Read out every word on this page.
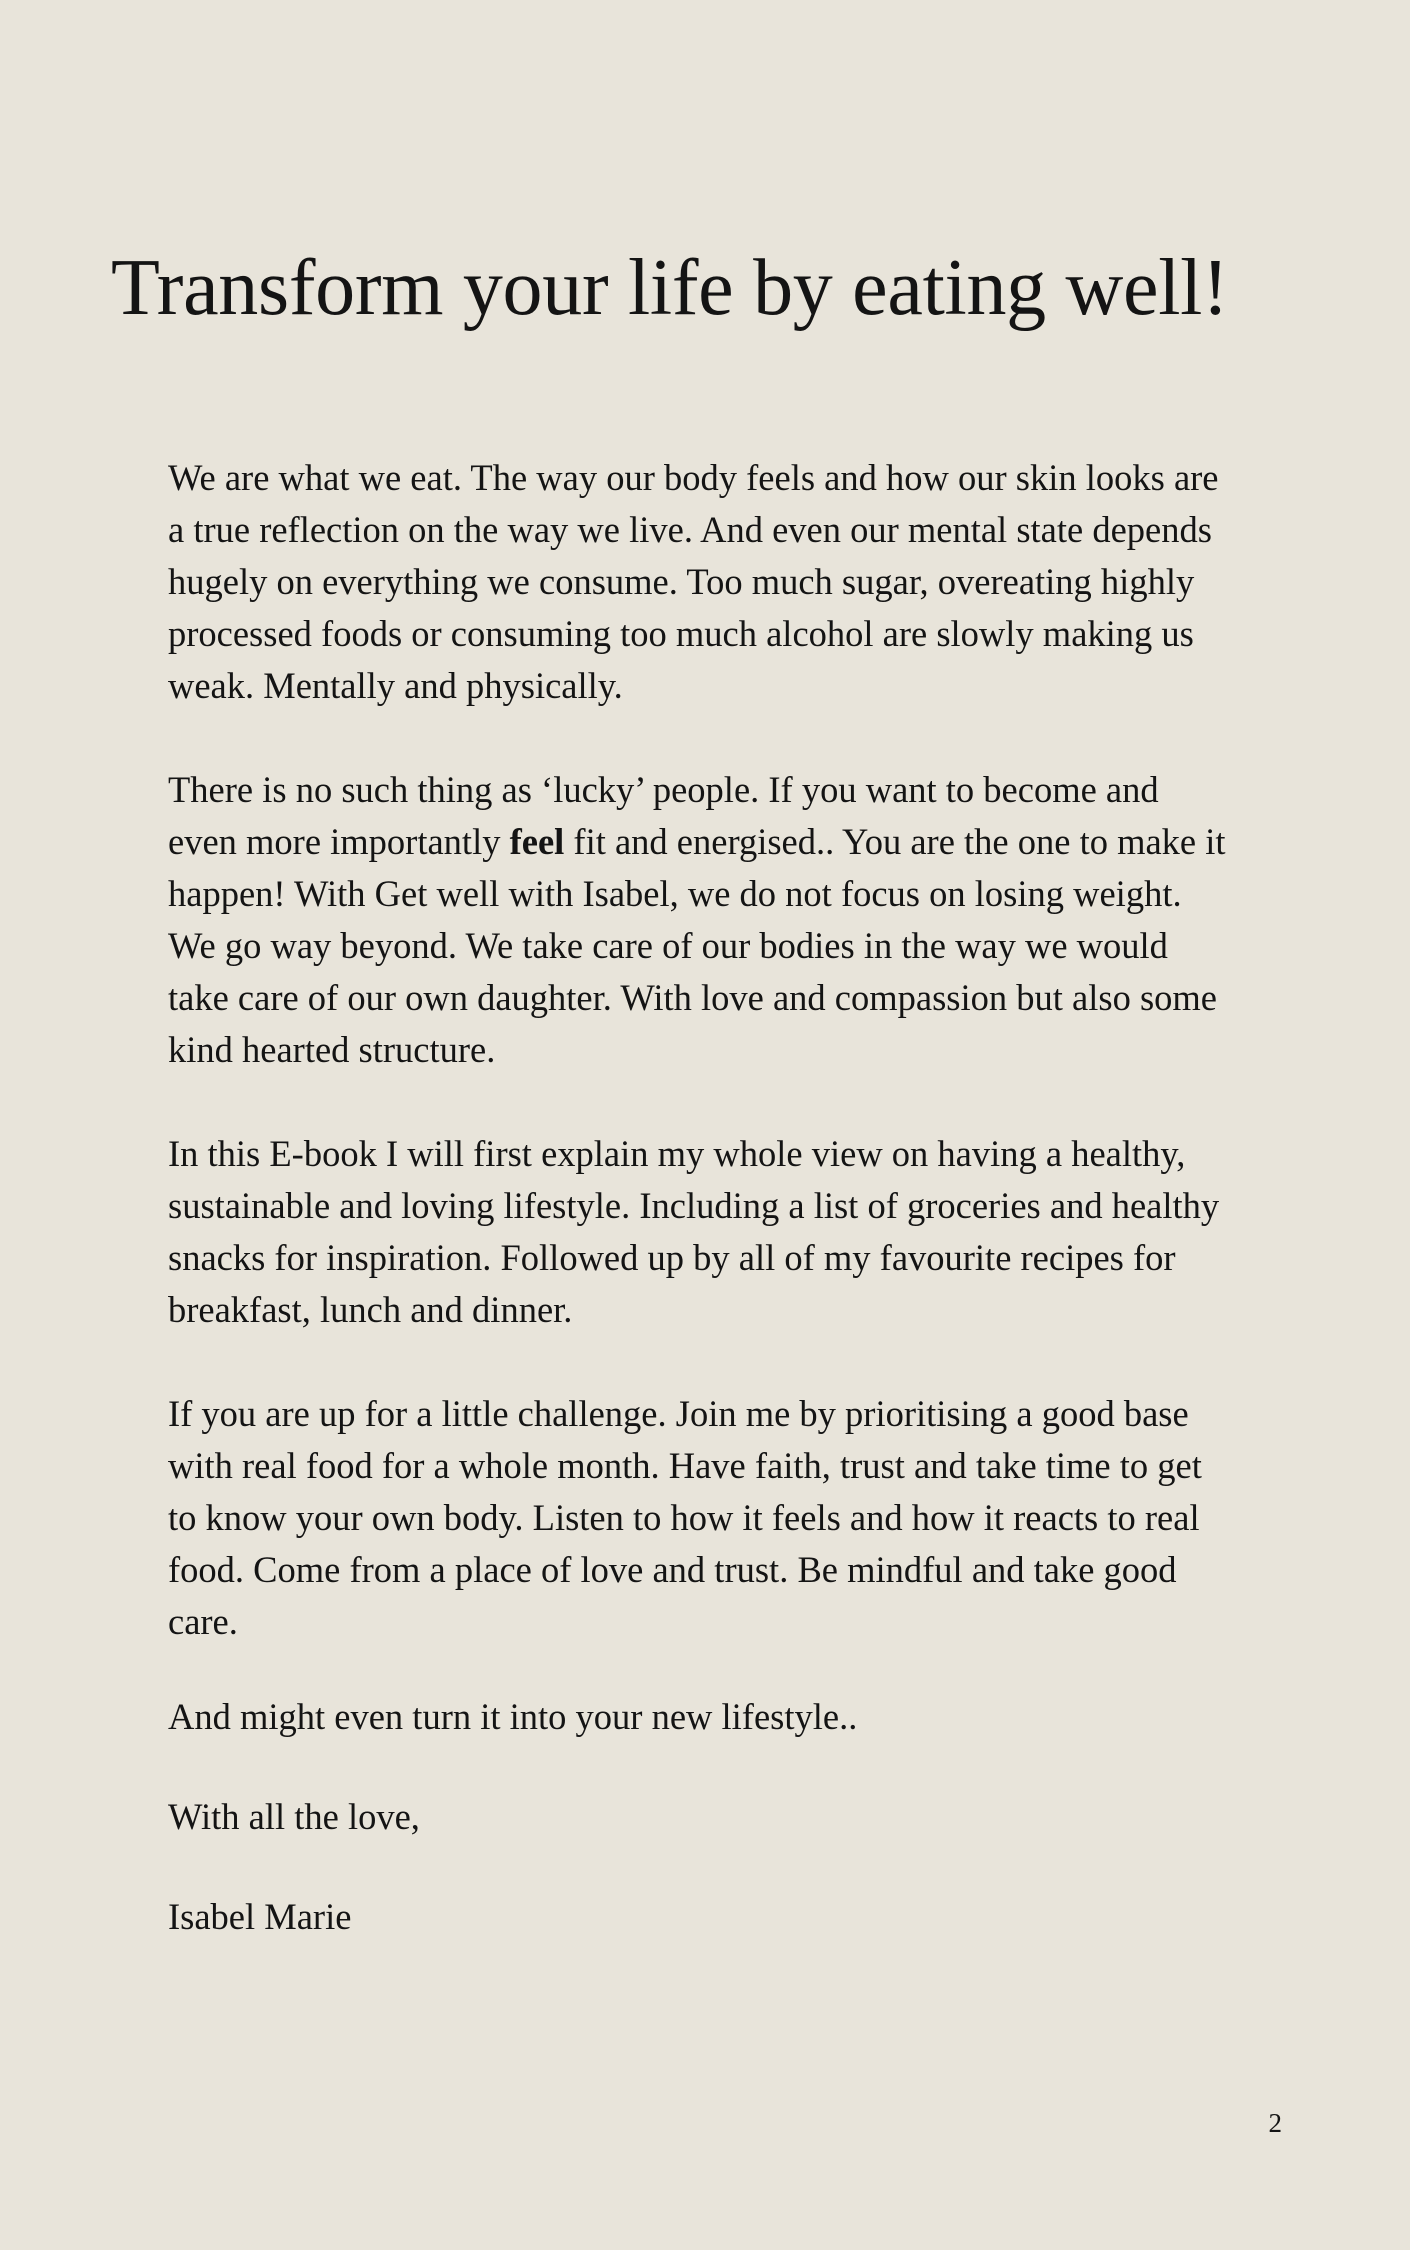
Transform your life by eating well!

We are what we eat. The way our body feels and how our skin looks are a true reflection on the way we live. And even our mental state depends hugely on everything we consume. Too much sugar, overeating highly processed foods or consuming too much alcohol are slowly making us weak. Mentally and physically.

There is no such thing as ‘lucky’ people. If you want to become and even more importantly feel fit and energised.. You are the one to make it happen! With Get well with Isabel, we do not focus on losing weight. We go way beyond. We take care of our bodies in the way we would take care of our own daughter. With love and compassion but also some kind hearted structure.

In this E-book I will first explain my whole view on having a healthy, sustainable and loving lifestyle. Including a list of groceries and healthy snacks for inspiration. Followed up by all of my favourite recipes for breakfast, lunch and dinner.

If you are up for a little challenge. Join me by prioritising a good base with real food for a whole month. Have faith, trust and take time to get to know your own body. Listen to how it feels and how it reacts to real food. Come from a place of love and trust. Be mindful and take good care.

And might even turn it into your new lifestyle..

With all the love,

Isabel Marie

2
